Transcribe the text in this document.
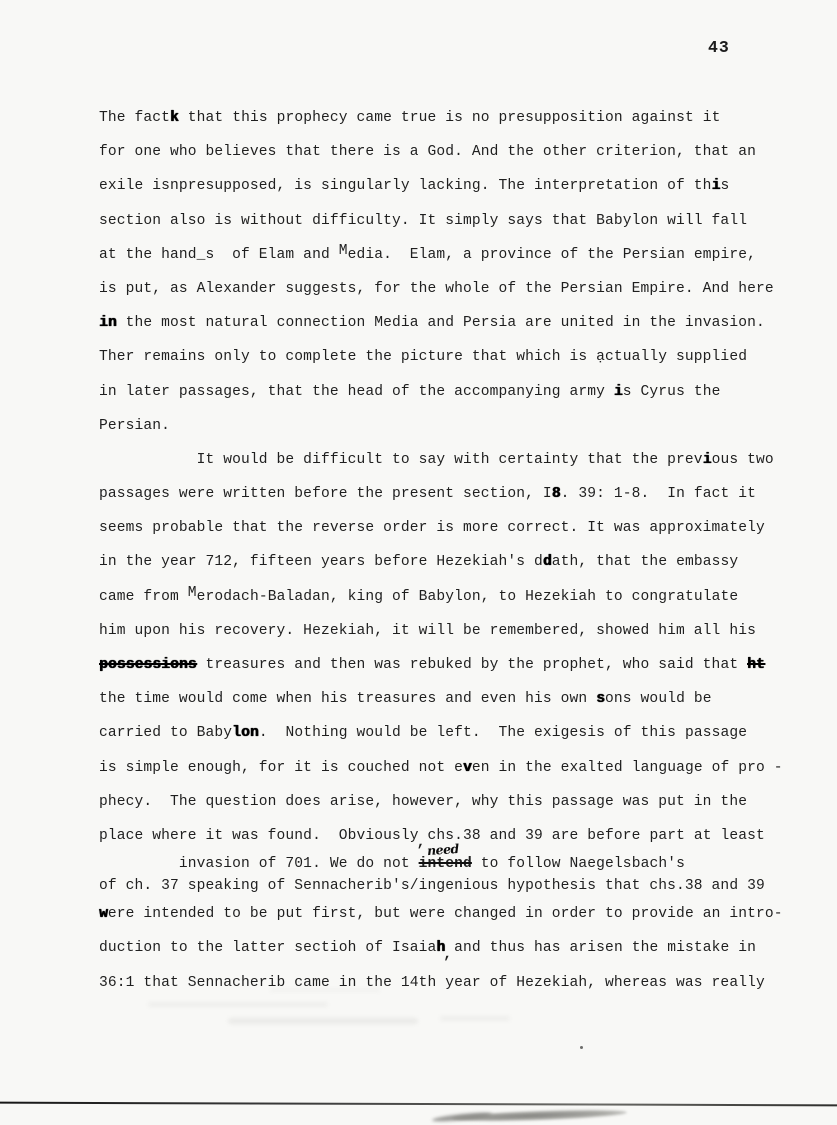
43
The factk that this prophecy came true is no presupposition against it
for one who believes that there is a God. And the other criterion, that an
exile isnpresupposed, is singularly lacking. The interpretation of this
section also is without difficulty. It simply says that Babylon will fall
at the hand_s  of Elam and Media.  Elam, a province of the Persian empire,
is put, as Alexander suggests, for the whole of the Persian Empire. And here
in the most natural connection Media and Persia are united in the invasion.
Ther remains only to complete the picture that which is ạctually supplied
in later passages, that the head of the accompanying army is Cyrus the
Persian.
It would be difficult to say with certainty that the previous two
passages were written before the present section, I8. 39: 1-8.  In fact it
seems probable that the reverse order is more correct. It was approximately
in the year 712, fifteen years before Hezekiah's ddath, that the embassy
came from Merodach-Baladan, king of Babylon, to Hezekiah to congratulate
him upon his recovery. Hezekiah, it will be remembered, showed him all his
possessions treasures and then was rebuked by the prophet, who said that ht
the time would come when his treasures and even his own sons would be
carried to Babylon.  Nothing would be left.  The exigesis of this passage
is simple enough, for it is couched not even in the exalted language of pro -
phecy.  The question does arise, however, why this passage was put in the
place where it was found.  Obviously, chs.38 and 39 are before part at least
invasion of 701. We do not
need
intend to follow Naegelsbach's
of ch. 37 speaking of Sennacherib's/ingenious hypothesis that chs.38 and 39
were intended to be put first, but were changed in order to provide an intro-
duction to the latter sectioh of Isaiah, and thus has arisen the mistake in
36:1 that Sennacherib came in the 14th year of Hezekiah, whereas was really
